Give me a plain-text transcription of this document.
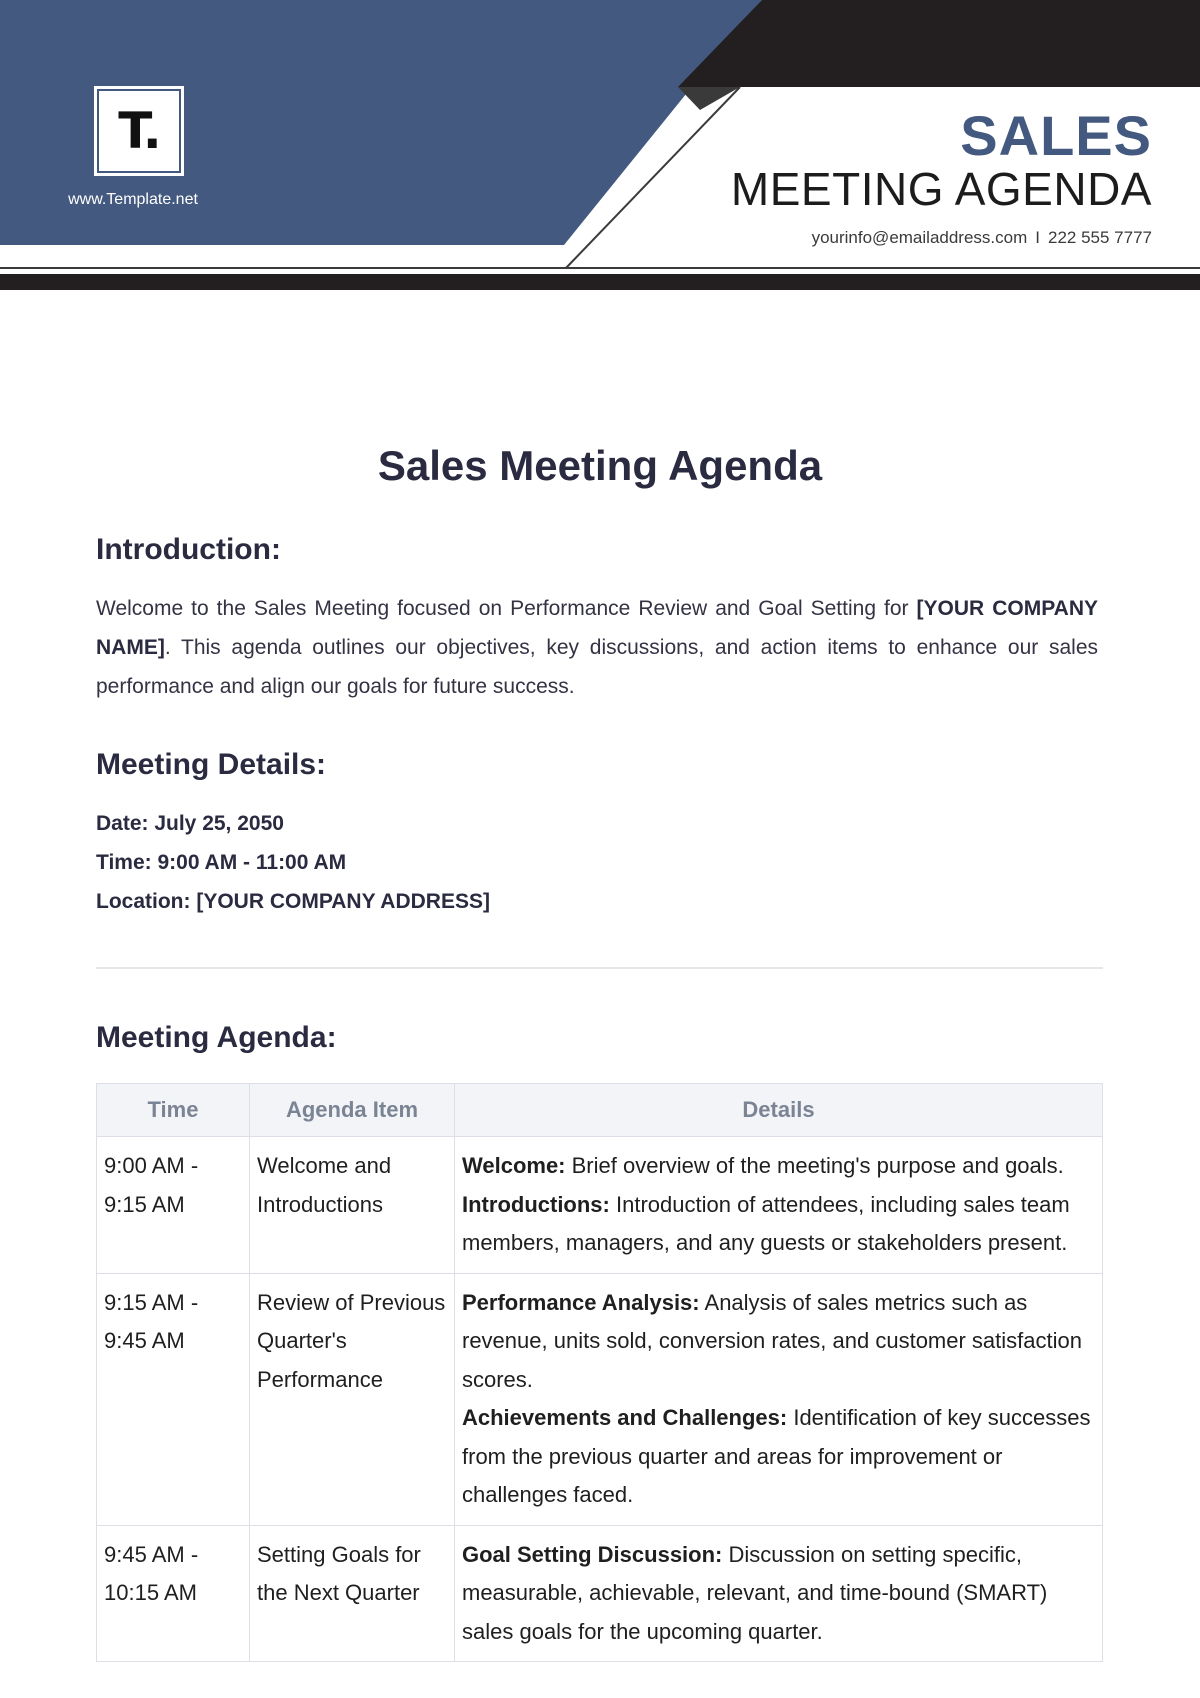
T.
www.Template.net
SALES
MEETING AGENDA
yourinfo@emailaddress.com I 222 555 7777
Sales Meeting Agenda
Introduction:
Welcome to the Sales Meeting focused on Performance Review and Goal Setting for [YOUR COMPANY NAME]. This agenda outlines our objectives, key discussions, and action items to enhance our sales performance and align our goals for future success.
Meeting Details:
Date: July 25, 2050
Time: 9:00 AM - 11:00 AM
Location: [YOUR COMPANY ADDRESS]
Meeting Agenda:
Time	Agenda Item	Details
9:00 AM - 9:15 AM	Welcome and Introductions	Welcome: Brief overview of the meeting's purpose and goals.
Introductions: Introduction of attendees, including sales team members, managers, and any guests or stakeholders present.

9:15 AM - 9:45 AM	Review of Previous Quarter's Performance	Performance Analysis: Analysis of sales metrics such as revenue, units sold, conversion rates, and customer satisfaction scores.
Achievements and Challenges: Identification of key successes from the previous quarter and areas for improvement or challenges faced.

9:45 AM - 10:15 AM	Setting Goals for the Next Quarter	Goal Setting Discussion: Discussion on setting specific, measurable, achievable, relevant, and time-bound (SMART) sales goals for the upcoming quarter.
